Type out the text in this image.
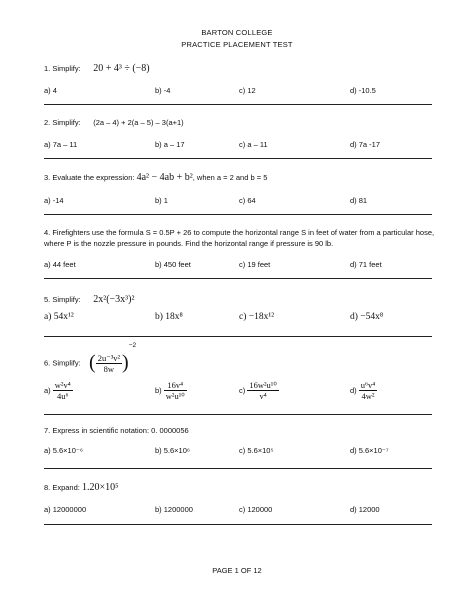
BARTON COLLEGE
PRACTICE PLACEMENT TEST
1. Simplify: 20 + 4³ ÷ (−8)
a) 4	b) -4	c) 12	d) -10.5
2. Simplify: (2a – 4) + 2(a – 5) – 3(a+1)
a) 7a – 11	b) a – 17	c) a – 11	d) 7a -17
3. Evaluate the expression: 4a² − 4ab + b², when a = 2 and b = 5
a) -14	b) 1	c) 64	d) 81
4. Firefighters use the formula S = 0.5P + 26 to compute the horizontal range S in feet of water from a particular hose, where P is the nozzle pressure in pounds. Find the horizontal range if pressure is 90 lb.
a) 44 feet	b) 450 feet	c) 19 feet	d) 71 feet
5. Simplify: 2x²(−3x³)²
a) 54x¹²	b) 18x⁸	c) −18x¹²	d) −54x⁸
6. Simplify: ( $\frac{\text{2u⁻³v²}}{8w} )^{-2}$
$a) \frac{\text{w²v⁴}}{\text{4u⁶}}$	$b) \frac{\text{16v⁴}}{\text{w²u¹⁰}}$	$c) \frac{\text{16w²u¹⁰}}{\text{v⁴}}$	$d) \frac{\text{u⁶v⁴}}{\text{4w²}}$
7. Express in scientific notation: 0. 0000056
a) 5.6×10⁻⁶	b) 5.6×10⁶	c) 5.6×10⁵	d) 5.6×10⁻⁷
8. Expand: 1.20×10⁵
a) 12000000	b) 1200000	c) 120000	d) 12000
PAGE 1 OF 12
